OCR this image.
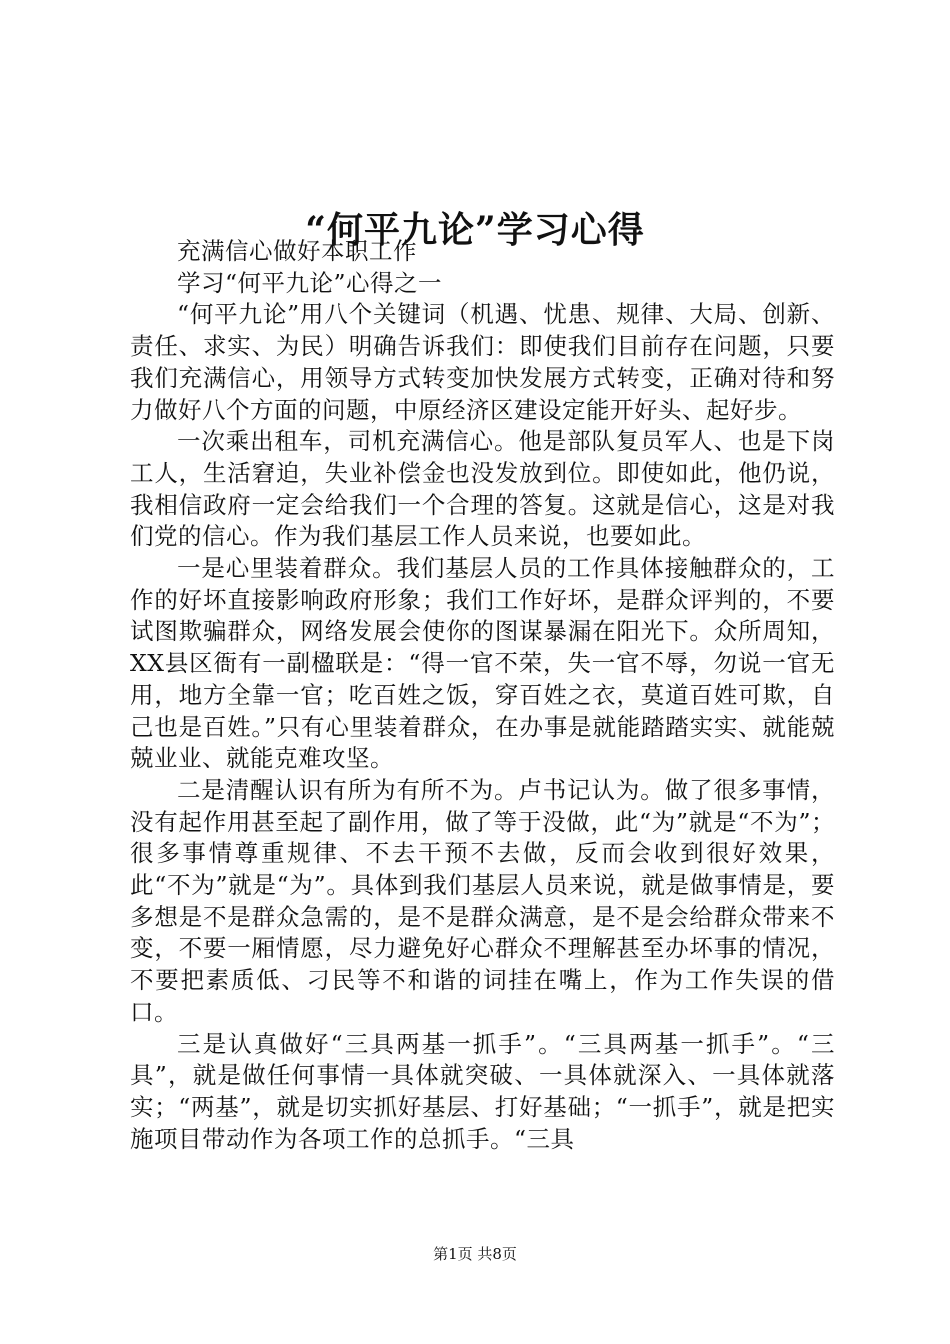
“何平九论”学习心得

充满信心做好本职工作

学习“何平九论”心得之一

“何平九论”用八个关键词（机遇、忧患、规律、大局、创新、责任、求实、为民）明确告诉我们：即使我们目前存在问题，只要我们充满信心，用领导方式转变加快发展方式转变，正确对待和努力做好八个方面的问题，中原经济区建设定能开好头、起好步。

一次乘出租车，司机充满信心。他是部队复员军人、也是下岗工人，生活窘迫，失业补偿金也没发放到位。即使如此，他仍说，我相信政府一定会给我们一个合理的答复。这就是信心，这是对我们党的信心。作为我们基层工作人员来说，也要如此。

一是心里装着群众。我们基层人员的工作具体接触群众的，工作的好坏直接影响政府形象；我们工作好坏，是群众评判的，不要试图欺骗群众，网络发展会使你的图谋暴漏在阳光下。众所周知，XX县区衙有一副楹联是：“得一官不荣，失一官不辱，勿说一官无用，地方全靠一官；吃百姓之饭，穿百姓之衣，莫道百姓可欺，自己也是百姓。”只有心里装着群众，在办事是就能踏踏实实、就能兢兢业业、就能克难攻坚。

二是清醒认识有所为有所不为。卢书记认为。做了很多事情，没有起作用甚至起了副作用，做了等于没做，此“为”就是“不为”；很多事情尊重规律、不去干预不去做，反而会收到很好效果，此“不为”就是“为”。具体到我们基层人员来说，就是做事情是，要多想是不是群众急需的，是不是群众满意，是不是会给群众带来不变，不要一厢情愿，尽力避免好心群众不理解甚至办坏事的情况，不要把素质低、刁民等不和谐的词挂在嘴上，作为工作失误的借口。

三是认真做好“三具两基一抓手”。“三具两基一抓手”。“三具”，就是做任何事情一具体就突破、一具体就深入、一具体就落实；“两基”，就是切实抓好基层、打好基础；“一抓手”，就是把实施项目带动作为各项工作的总抓手。“三具

第1页 共8页
